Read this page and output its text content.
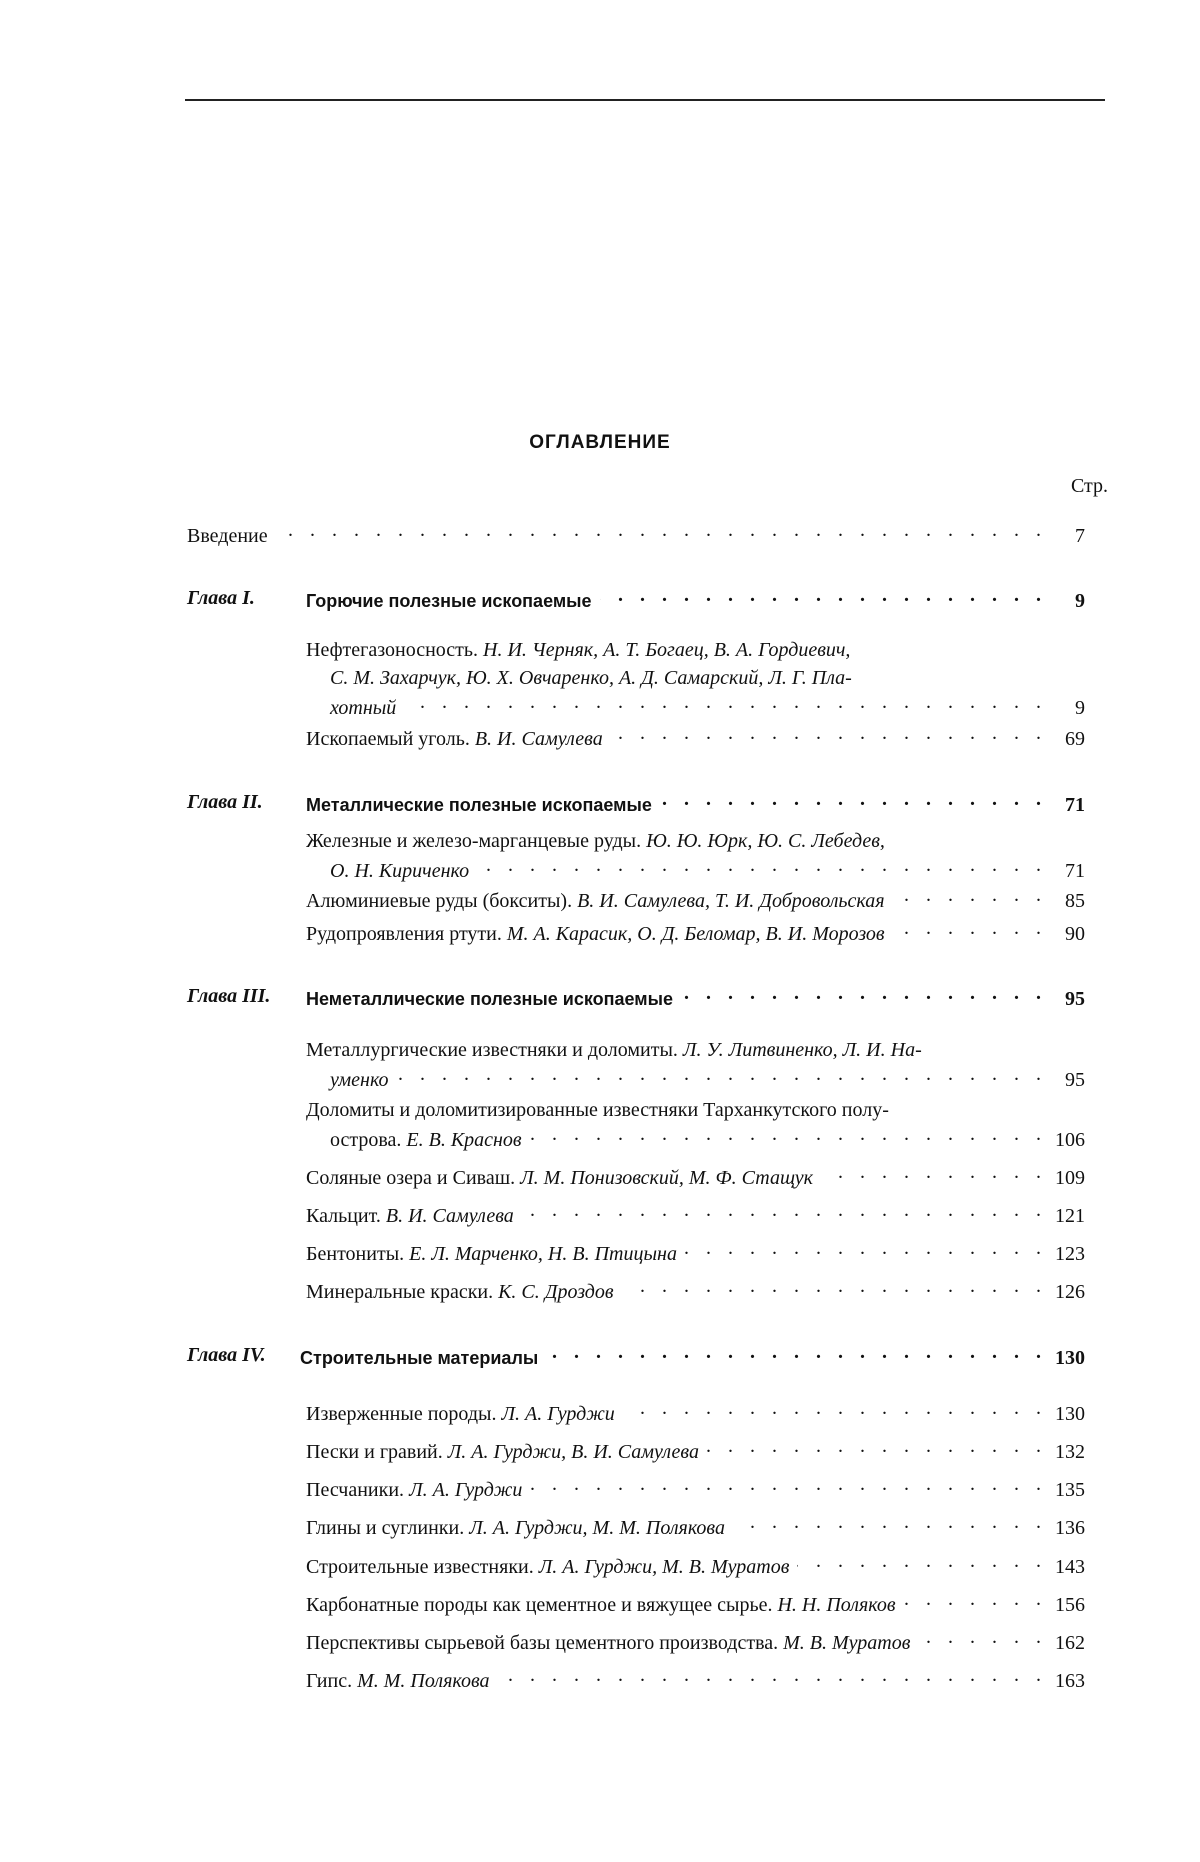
ОГЛАВЛЕНИЕ
Стр.
Введение . . .	7
Глава I.	Горючие полезные ископаемые . . .	9
Нефтегазоносность. Н. И. Черняк, А. Т. Богаец, В. А. Гордиевич,
С. М. Захарчук, Ю. Х. Овчаренко, А. Д. Самарский, Л. Г. Пла-
хотный . . .	9
Ископаемый уголь.
В. И. Самулева . . .	69
Глава II. Металлические полезные ископаемые . . .	71
Железные и железо-марганцевые руды. Ю. Ю. Юрк, Ю. С. Лебедев,
О. Н. Кириченко . . .	71
Алюминиевые руды (бокситы).
В. И. Самулева, Т. И. Добровольская . . .	85
Рудопроявления ртути.
М. А. Карасик, О. Д. Беломар, В. И. Морозов . . .	90
Глава III. Неметаллические полезные ископаемые . . .	95
Металлургические известняки и доломиты. Л. У. Литвиненко, Л. И. На-
уменко . . .	95
Доломиты и доломитизированные известняки Тарханкутского полу-
острова.
Е. В. Краснов . . .	106
Соляные озера и Сиваш.
Л. М. Понизовский, М. Ф. Стащук . . .	109
Кальцит.
В. И. Самулева . . .	121
Бентониты.
Е. Л. Марченко, Н. В. Птицына . . .	123
Минеральные краски.
К. С. Дроздов . . .	126
Глава IV. Строительные материалы . . .	130
Изверженные породы.
Л. А. Гурджи . . .	130
Пески и гравий.
Л. А. Гурджи, В. И. Самулева . . .	132
Песчаники.
Л. А. Гурджи . . .	135
Глины и суглинки.
Л. А. Гурджи, М. М. Полякова . . .	136
Строительные известняки.
Л. А. Гурджи, М. В. Муратов . . .	143
Карбонатные породы как цементное и вяжущее сырье.
Н. Н. Поляков . . .	156
Перспективы сырьевой базы цементного производства.
М. В. Муратов . . .	162
Гипс.
М. М. Полякова . . .	163
